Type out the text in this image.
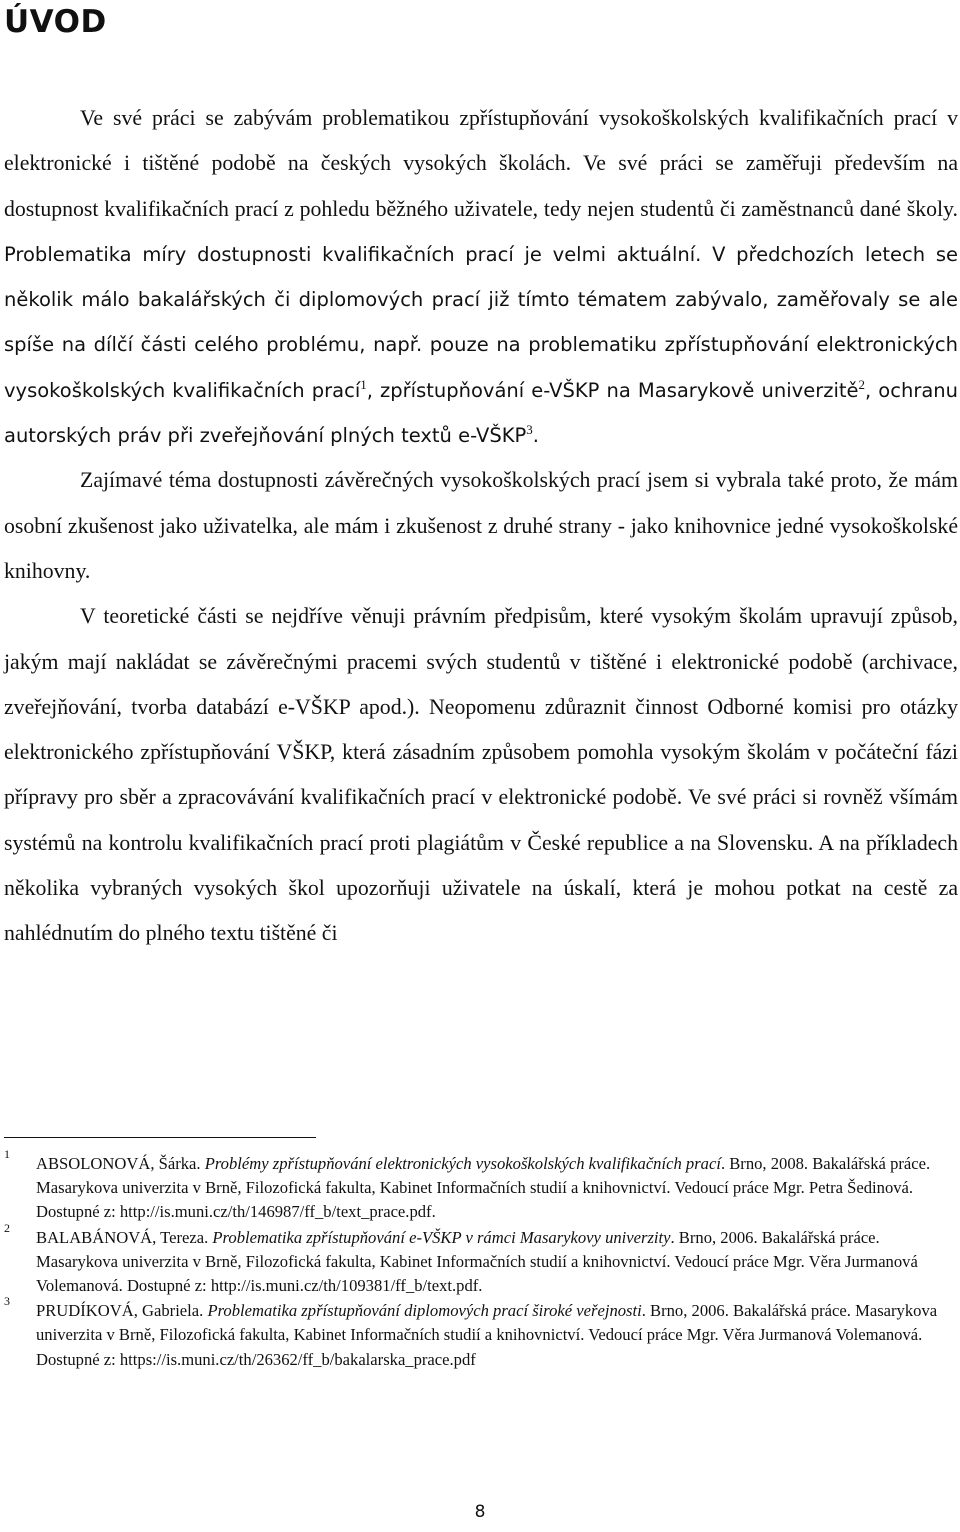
ÚVOD

Ve své práci se zabývám problematikou zpřístupňování vysokoškolských kvalifikačních prací v elektronické i tištěné podobě na českých vysokých školách. Ve své práci se zaměřuji především na dostupnost kvalifikačních prací z pohledu běžného uživatele, tedy nejen studentů či zaměstnanců dané školy. Problematika míry dostupnosti kvalifikačních prací je velmi aktuální. V předchozích letech se několik málo bakalářských či diplomových prací již tímto tématem zabývalo, zaměřovaly se ale spíše na dílčí části celého problému, např. pouze na problematiku zpřístupňování elektronických vysokoškolských kvalifikačních prací$^1$, zpřístupňování e-VŠKP na Masarykově univerzitě$^2$, ochranu autorských práv při zveřejňování plných textů e-VŠKP$^3$.

Zajímavé téma dostupnosti závěrečných vysokoškolských prací jsem si vybrala také proto, že mám osobní zkušenost jako uživatelka, ale mám i zkušenost z druhé strany - jako knihovnice jedné vysokoškolské knihovny.

V teoretické části se nejdříve věnuji právním předpisům, které vysokým školám upravují způsob, jakým mají nakládat se závěrečnými pracemi svých studentů v tištěné i elektronické podobě (archivace, zveřejňování, tvorba databází e-VŠKP apod.). Neopomenu zdůraznit činnost Odborné komisi pro otázky elektronického zpřístupňování VŠKP, která zásadním způsobem pomohla vysokým školám v počáteční fázi přípravy pro sběr a zpracovávání kvalifikačních prací v elektronické podobě. Ve své práci si rovněž všímám systémů na kontrolu kvalifikačních prací proti plagiátům v České republice a na Slovensku. A na příkladech několika vybraných vysokých škol upozorňuji uživatele na úskalí, která je mohou potkat na cestě za nahlédnutím do plného textu tištěné či

1 ABSOLONOVÁ, Šárka. Problémy zpřístupňování elektronických vysokoškolských kvalifikačních prací. Brno, 2008. Bakalářská práce. Masarykova univerzita v Brně, Filozofická fakulta, Kabinet Informačních studií a knihovnictví. Vedoucí práce Mgr. Petra Šedinová. Dostupné z: http://is.muni.cz/th/146987/ff_b/text_prace.pdf.

2 BALABÁNOVÁ, Tereza. Problematika zpřístupňování e-VŠKP v rámci Masarykovy univerzity. Brno, 2006. Bakalářská práce. Masarykova univerzita v Brně, Filozofická fakulta, Kabinet Informačních studií a knihovnictví. Vedoucí práce Mgr. Věra Jurmanová Volemanová. Dostupné z: http://is.muni.cz/th/109381/ff_b/text.pdf.

3 PRUDÍKOVÁ, Gabriela. Problematika zpřístupňování diplomových prací široké veřejnosti. Brno, 2006. Bakalářská práce. Masarykova univerzita v Brně, Filozofická fakulta, Kabinet Informačních studií a knihovnictví. Vedoucí práce Mgr. Věra Jurmanová Volemanová. Dostupné z: https://is.muni.cz/th/26362/ff_b/bakalarska_prace.pdf

8
